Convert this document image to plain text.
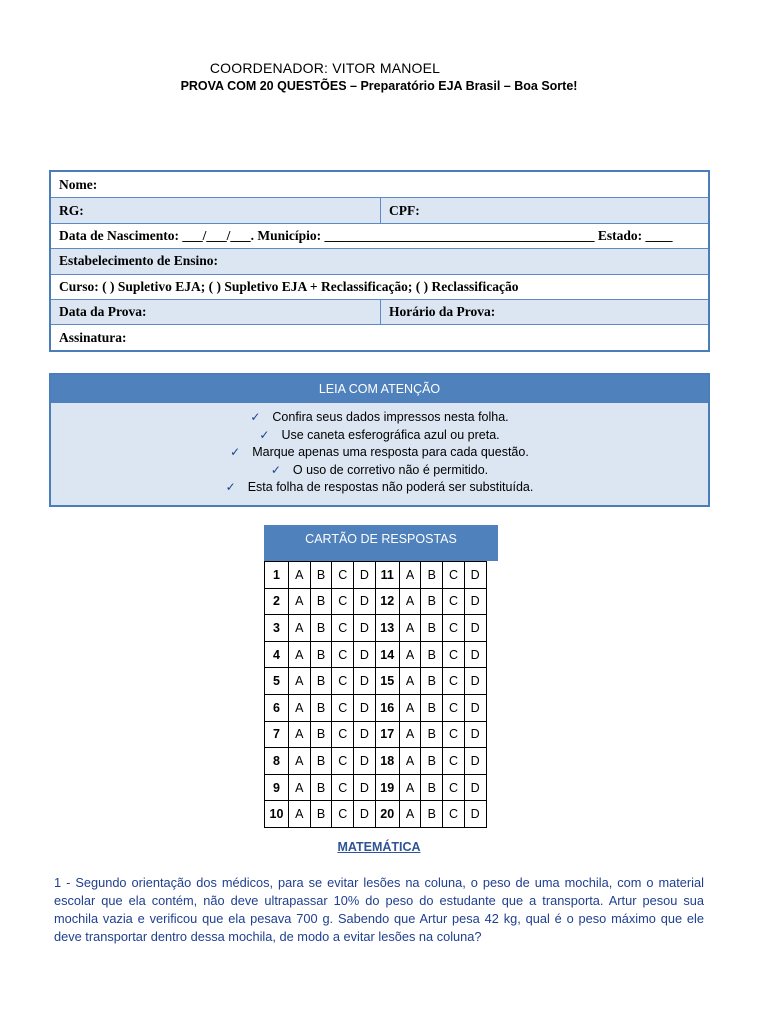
COORDENADOR: VITOR MANOEL
PROVA COM 20 QUESTÕES – Preparatório EJA Brasil – Boa Sorte!
Nome:
RG:	CPF:
Data de Nascimento: ___/___/___. Município: ________________________________________ Estado: ____
Estabelecimento de Ensino:
Curso: ( ) Supletivo EJA; ( ) Supletivo EJA + Reclassificação; ( ) Reclassificação
Data da Prova:	Horário da Prova:
Assinatura:
LEIA COM ATENÇÃO
✓ Confira seus dados impressos nesta folha.
✓ Use caneta esferográfica azul ou preta.
✓ Marque apenas uma resposta para cada questão.
✓ O uso de corretivo não é permitido.
✓ Esta folha de respostas não poderá ser substituída.
CARTÃO DE RESPOSTAS
1	A	B	C	D	11	A	B	C	D
2	A	B	C	D	12	A	B	C	D
3	A	B	C	D	13	A	B	C	D
4	A	B	C	D	14	A	B	C	D
5	A	B	C	D	15	A	B	C	D
6	A	B	C	D	16	A	B	C	D
7	A	B	C	D	17	A	B	C	D
8	A	B	C	D	18	A	B	C	D
9	A	B	C	D	19	A	B	C	D
10	A	B	C	D	20	A	B	C	D
MATEMÁTICA
1 - Segundo orientação dos médicos, para se evitar lesões na coluna, o peso de uma mochila, com o material escolar que ela contém, não deve ultrapassar 10% do peso do estudante que a transporta. Artur pesou sua mochila vazia e verificou que ela pesava 700 g. Sabendo que Artur pesa 42 kg, qual é o peso máximo que ele deve transportar dentro dessa mochila, de modo a evitar lesões na coluna?
